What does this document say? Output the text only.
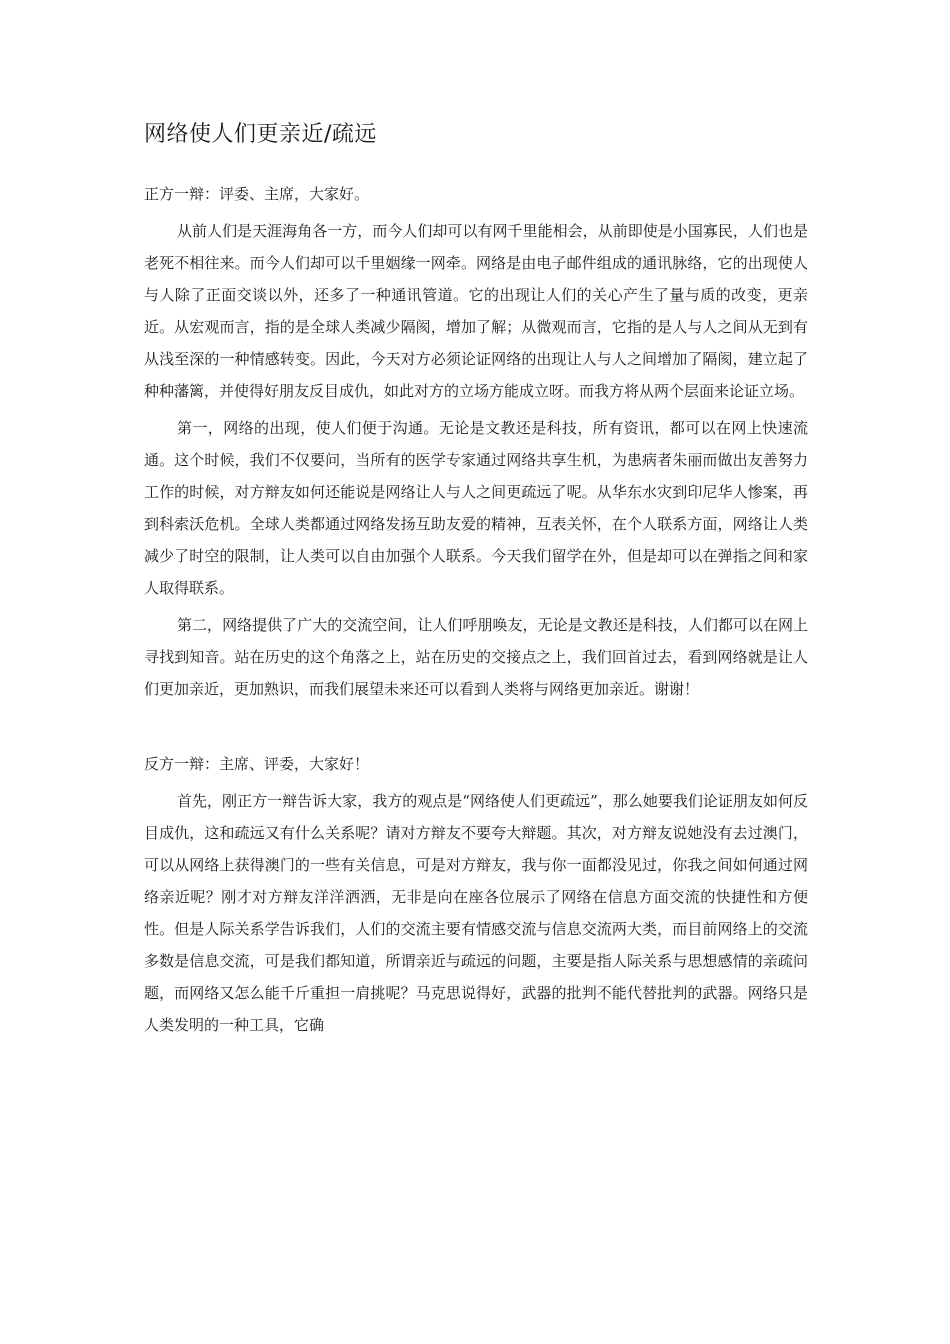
网络使人们更亲近/疏远

正方一辩：评委、主席，大家好。

从前人们是天涯海角各一方，而今人们却可以有网千里能相会，从前即使是小国寡民，人们也是老死不相往来。而今人们却可以千里姻缘一网牵。网络是由电子邮件组成的通讯脉络，它的出现使人与人除了正面交谈以外，还多了一种通讯管道。它的出现让人们的关心产生了量与质的改变，更亲近。从宏观而言，指的是全球人类减少隔阂，增加了解；从微观而言，它指的是人与人之间从无到有从浅至深的一种情感转变。因此，今天对方必须论证网络的出现让人与人之间增加了隔阂，建立起了种种藩篱，并使得好朋友反目成仇，如此对方的立场方能成立呀。而我方将从两个层面来论证立场。

第一，网络的出现，使人们便于沟通。无论是文教还是科技，所有资讯，都可以在网上快速流通。这个时候，我们不仅要问，当所有的医学专家通过网络共享生机，为患病者朱丽而做出友善努力工作的时候，对方辩友如何还能说是网络让人与人之间更疏远了呢。从华东水灾到印尼华人惨案，再到科索沃危机。全球人类都通过网络发扬互助友爱的精神，互表关怀，在个人联系方面，网络让人类减少了时空的限制，让人类可以自由加强个人联系。今天我们留学在外，但是却可以在弹指之间和家人取得联系。

第二，网络提供了广大的交流空间，让人们呼朋唤友，无论是文教还是科技，人们都可以在网上寻找到知音。站在历史的这个角落之上，站在历史的交接点之上，我们回首过去，看到网络就是让人们更加亲近，更加熟识，而我们展望未来还可以看到人类将与网络更加亲近。谢谢！

反方一辩：主席、评委，大家好！

首先，刚正方一辩告诉大家，我方的观点是“网络使人们更疏远”，那么她要我们论证朋友如何反目成仇，这和疏远又有什么关系呢？请对方辩友不要夸大辩题。其次，对方辩友说她没有去过澳门，可以从网络上获得澳门的一些有关信息，可是对方辩友，我与你一面都没见过，你我之间如何通过网络亲近呢？刚才对方辩友洋洋洒洒，无非是向在座各位展示了网络在信息方面交流的快捷性和方便性。但是人际关系学告诉我们，人们的交流主要有情感交流与信息交流两大类，而目前网络上的交流多数是信息交流，可是我们都知道，所谓亲近与疏远的问题，主要是指人际关系与思想感情的亲疏问题，而网络又怎么能千斤重担一肩挑呢？马克思说得好，武器的批判不能代替批判的武器。网络只是人类发明的一种工具，它确
